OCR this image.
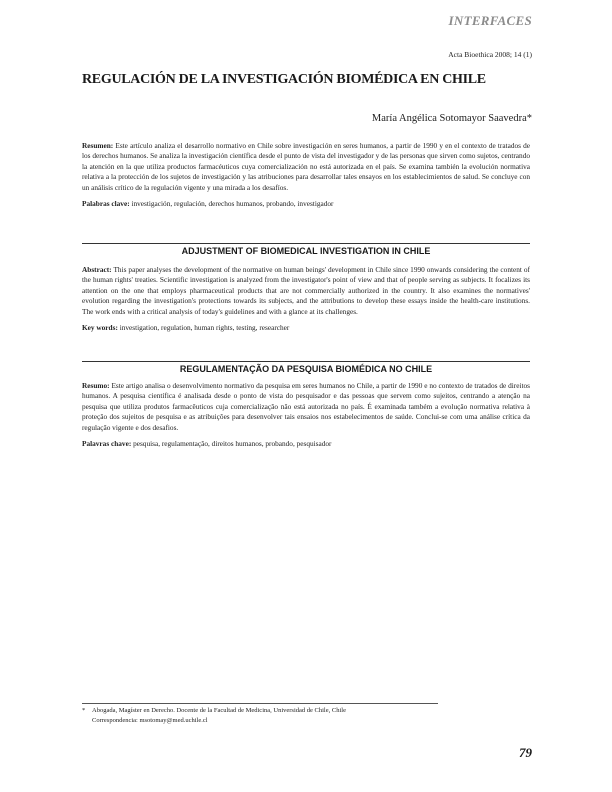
INTERFACES
Acta Bioethica 2008; 14 (1)
REGULACIÓN DE LA INVESTIGACIÓN BIOMÉDICA EN CHILE
María Angélica Sotomayor Saavedra*

Resumen: Este artículo analiza el desarrollo normativo en Chile sobre investigación en seres humanos, a partir de 1990 y en el contexto de tratados de los derechos humanos. Se analiza la investigación científica desde el punto de vista del investigador y de las personas que sirven como sujetos, centrando la atención en la que utiliza productos farmacéuticos cuya comercialización no está autorizada en el país. Se examina también la evolución normativa relativa a la protección de los sujetos de investigación y las atribuciones para desarrollar tales ensayos en los establecimientos de salud. Se concluye con un análisis crítico de la regulación vigente y una mirada a los desafíos.

Palabras clave: investigación, regulación, derechos humanos, probando, investigador

ADJUSTMENT OF BIOMEDICAL INVESTIGATION IN CHILE

Abstract: This paper analyses the development of the normative on human beings' development in Chile since 1990 onwards considering the content of the human rights' treaties. Scientific investigation is analyzed from the investigator's point of view and that of people serving as subjects. It focalizes its attention on the one that employs pharmaceutical products that are not commercially authorized in the country. It also examines the normatives' evolution regarding the investigation's protections towards its subjects, and the attributions to develop these essays inside the health-care institutions. The work ends with a critical analysis of today's guidelines and with a glance at its challenges.

Key words: investigation, regulation, human rights, testing, researcher

REGULAMENTAÇÃO DA PESQUISA BIOMÉDICA NO CHILE

Resumo: Este artigo analisa o desenvolvimento normativo da pesquisa em seres humanos no Chile, a partir de 1990 e no contexto de tratados de direitos humanos. A pesquisa científica é analisada desde o ponto de vista do pesquisador e das pessoas que servem como sujeitos, centrando a atenção na pesquisa que utiliza produtos farmacêuticos cuja comercialização não está autorizada no país. É examinada também a evolução normativa relativa à proteção dos sujeitos de pesquisa e as atribuições para desenvolver tais ensaios nos estabelecimentos de saúde. Conclui-se com uma análise crítica da regulação vigente e dos desafios.

Palavras chave: pesquisa, regulamentação, direitos humanos, probando, pesquisador

* Abogada, Magíster en Derecho. Docente de la Facultad de Medicina, Universidad de Chile, Chile
Correspondencia: msotomay@med.uchile.cl
79
